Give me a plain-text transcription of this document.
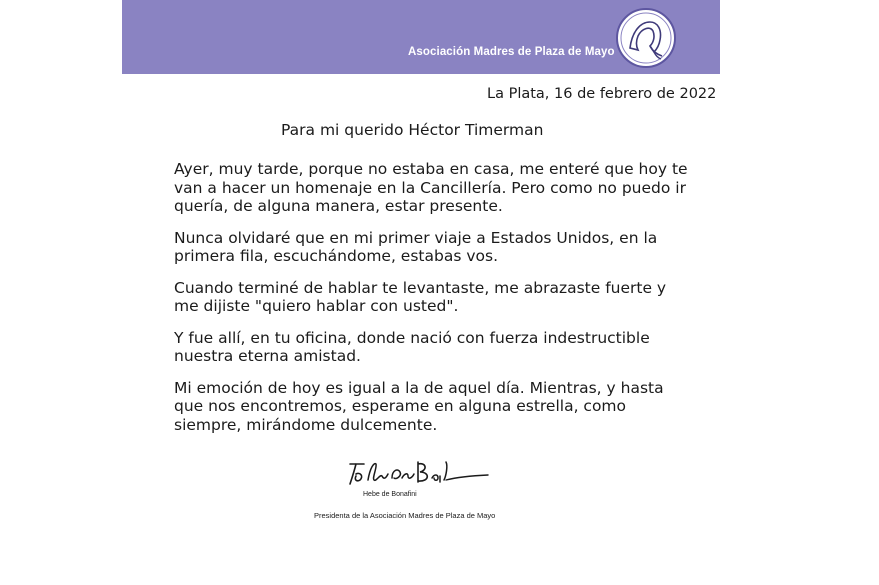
Asociación Madres de Plaza de Mayo
La Plata, 16 de febrero de 2022
Para mi querido Héctor Timerman

Ayer, muy tarde, porque no estaba en casa, me enteré que hoy te
van a hacer un homenaje en la Cancillería. Pero como no puedo ir
quería, de alguna manera, estar presente.

Nunca olvidaré que en mi primer viaje a Estados Unidos, en la
primera fila, escuchándome, estabas vos.

Cuando terminé de hablar te levantaste, me abrazaste fuerte y
me dijiste "quiero hablar con usted".

Y fue allí, en tu oficina, donde nació con fuerza indestructible
nuestra eterna amistad.

Mi emoción de hoy es igual a la de aquel día. Mientras, y hasta
que nos encontremos, esperame en alguna estrella, como
siempre, mirándome dulcemente.

Hebe de Bonafini
Presidenta de la Asociación Madres de Plaza de Mayo
